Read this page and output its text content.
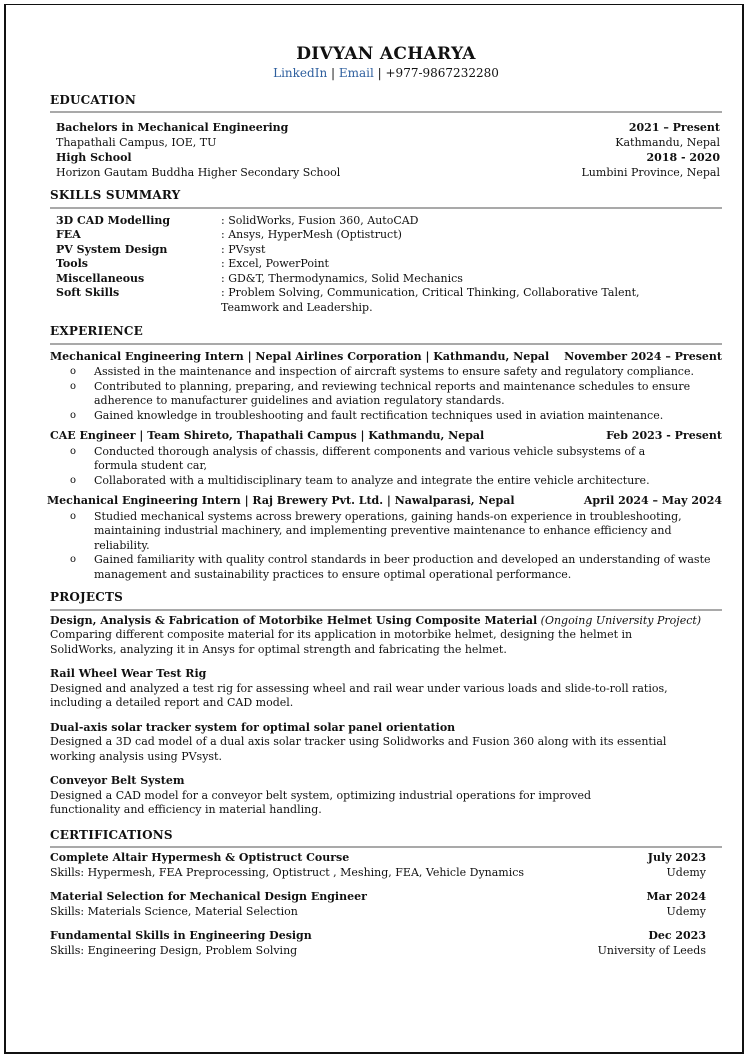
DIVYAN ACHARYA
LinkedIn | Email | +977-9867232280
EDUCATION
Bachelors in Mechanical Engineering	2021 – Present
Thapathali Campus, IOE, TU	Kathmandu, Nepal
High School	2018 - 2020
Horizon Gautam Buddha Higher Secondary School	Lumbini Province, Nepal
SKILLS SUMMARY
3D CAD Modelling	: SolidWorks, Fusion 360, AutoCAD
FEA	: Ansys, HyperMesh (Optistruct)
PV System Design	: PVsyst
Tools	: Excel, PowerPoint
Miscellaneous	: GD&T, Thermodynamics, Solid Mechanics
Soft Skills	: Problem Solving, Communication, Critical Thinking, Collaborative Talent, Teamwork and Leadership.
EXPERIENCE
Mechanical Engineering Intern | Nepal Airlines Corporation | Kathmandu, Nepal November 2024 – Present
o Assisted in the maintenance and inspection of aircraft systems to ensure safety and regulatory compliance.
o Contributed to planning, preparing, and reviewing technical reports and maintenance schedules to ensure adherence to manufacturer guidelines and aviation regulatory standards.
o Gained knowledge in troubleshooting and fault rectification techniques used in aviation maintenance.
CAE Engineer | Team Shireto, Thapathali Campus | Kathmandu, Nepal	Feb 2023 - Present
o Conducted thorough analysis of chassis, different components and various vehicle subsystems of a formula student car,
o Collaborated with a multidisciplinary team to analyze and integrate the entire vehicle architecture.
Mechanical Engineering Intern | Raj Brewery Pvt. Ltd. | Nawalparasi, Nepal	April 2024 – May 2024
o Studied mechanical systems across brewery operations, gaining hands-on experience in troubleshooting, maintaining industrial machinery, and implementing preventive maintenance to enhance efficiency and reliability.
o Gained familiarity with quality control standards in beer production and developed an understanding of waste management and sustainability practices to ensure optimal operational performance.
PROJECTS
Design, Analysis & Fabrication of Motorbike Helmet Using Composite Material (Ongoing University Project)
Comparing different composite material for its application in motorbike helmet, designing the helmet in SolidWorks, analyzing it in Ansys for optimal strength and fabricating the helmet.
Rail Wheel Wear Test Rig
Designed and analyzed a test rig for assessing wheel and rail wear under various loads and slide-to-roll ratios, including a detailed report and CAD model.
Dual-axis solar tracker system for optimal solar panel orientation
Designed a 3D cad model of a dual axis solar tracker using Solidworks and Fusion 360 along with its essential working analysis using PVsyst.
Conveyor Belt System
Designed a CAD model for a conveyor belt system, optimizing industrial operations for improved functionality and efficiency in material handling.
CERTIFICATIONS
Complete Altair Hypermesh & Optistruct Course	July 2023
Skills: Hypermesh, FEA Preprocessing, Optistruct , Meshing, FEA, Vehicle Dynamics	Udemy
Material Selection for Mechanical Design Engineer	Mar 2024
Skills: Materials Science, Material Selection	Udemy
Fundamental Skills in Engineering Design	Dec 2023
Skills: Engineering Design, Problem Solving	University of Leeds
